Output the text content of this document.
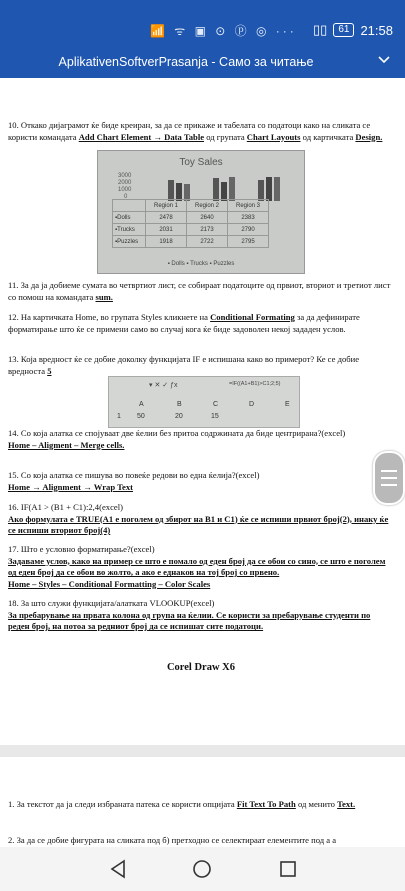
📶 ᯤ ▣ ⊙ ⓟ ◎ ··· ▯▯	61 21:58
AplikativenSoftverPrasanja - Само за читање
10. Откако дијаграмот ќе биде креиран, за да се прикаже и табелата со податоци како на сликата се користи командата Add Chart Element → Data Table од групата Chart Layouts од картичката Design.
Toy Sales
3000
2000
1000
0
	Region 1	Region 2	Region 3
▪Dolls	2478	2640	2383
▪Trucks	2031	2173	2790
▪Puzzles	1918	2722	2795
▪ Dolls ▪ Trucks ▪ Puzzles
11. За да ја добиеме сумата во четвртиот лист, се собираат податоците од првиот, вториот и третиот лист со помош на командата sum.
12. На картичката Home, во групата Styles кликнете на Conditional Formating за да дефинирате форматирање што ќе се примени само во случај кога ќе биде задоволен некој зададен услов.
13. Која вредност ќе се добие доколку функцијата IF е испишана како во примерот? Ке се добие вредноста 5
▾ ✕ ✓ ƒx	=IF((A1+B1)>C1;2;5)
A	B	C	D	E
1 50	20	15
14. Со која алатка се спојуваат две ќелии без притоа содржината да биде центрирана?(excel)
Home – Aligment – Merge cells.
15. Со која алатка се пишува во повеќе редови во една ќелија?(excel)
Home → Alignment → Wrap Text
16. IF(A1 > (B1 + C1):2,4(excel)
Ако формулата е TRUE(А1 е поголем од збирот на В1 и С1) ќе се испиши првиот број(2), инаку ќе се испиши вториот број(4)
17. Што е условно форматирање?(excel)
Задаваме услов, како на пример се што е помало од еден број да се обои со сино, се што е поголем од еден број да се обои во жолто, а ако е еднаков на тој број со првено.
Home – Styles – Conditional Formatting – Color Scales
18. За што служи функцијата/алатката VLOOKUP(excel)
За пребарување на првата колона од група на ќелии. Се користи за пребарување студенти по реден број, на потоа за редниот број да се испишат сите податоци.
Corel Draw X6
1. За текстот да ја следи избраната патека се користи опцијата Fit Text To Path од менито Text.
2. За да се добие фигурата на сликата под б) претходно се селектираат елементите под а а
